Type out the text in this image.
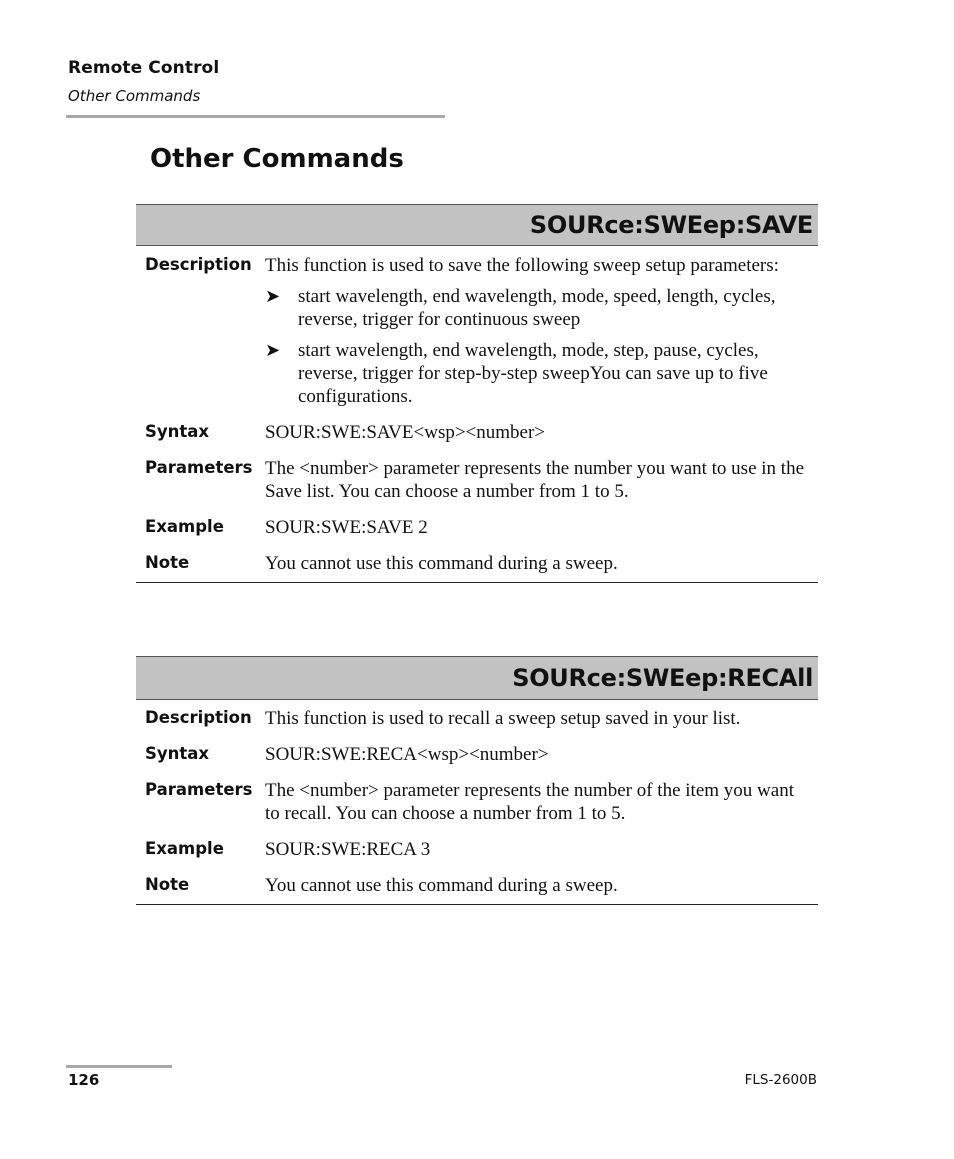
Remote Control
Other Commands
Other Commands
SOURce:SWEep:SAVE
Description This function is used to save the following sweep setup parameters:
➤ start wavelength, end wavelength, mode, speed, length, cycles, reverse, trigger for continuous sweep
➤ start wavelength, end wavelength, mode, step, pause, cycles, reverse, trigger for step-by-step sweepYou can save up to five configurations.
Syntax	SOUR:SWE:SAVE<wsp><number>
Parameters The <number> parameter represents the number you want to use in the Save list. You can choose a number from 1 to 5.
Example	SOUR:SWE:SAVE 2
Note	You cannot use this command during a sweep.
SOURce:SWEep:RECAll
Description This function is used to recall a sweep setup saved in your list.
Syntax	SOUR:SWE:RECA<wsp><number>
Parameters The <number> parameter represents the number of the item you want to recall. You can choose a number from 1 to 5.
Example	SOUR:SWE:RECA 3
Note	You cannot use this command during a sweep.
126	FLS-2600B
